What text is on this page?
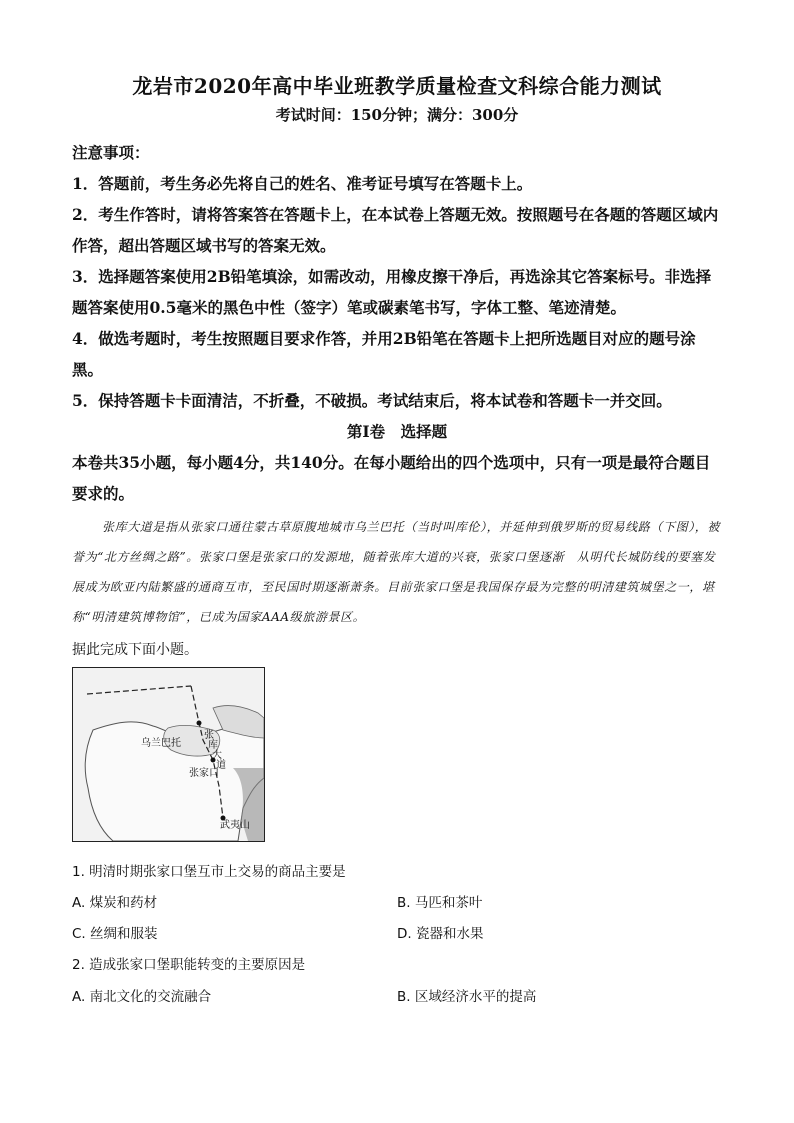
龙岩市2020年高中毕业班教学质量检查文科综合能力测试
考试时间：150分钟；满分：300分
注意事项：
1．答题前，考生务必先将自己的姓名、准考证号填写在答题卡上。
2．考生作答时，请将答案答在答题卡上，在本试卷上答题无效。按照题号在各题的答题区域内作答，超出答题区域书写的答案无效。
3．选择题答案使用2B铅笔填涂，如需改动，用橡皮擦干净后，再选涂其它答案标号。非选择题答案使用0.5毫米的黑色中性（签字）笔或碳素笔书写，字体工整、笔迹清楚。
4．做选考题时，考生按照题目要求作答，并用2B铅笔在答题卡上把所选题目对应的题号涂黑。
5．保持答题卡卡面清洁，不折叠，不破损。考试结束后，将本试卷和答题卡一并交回。
第Ⅰ卷　选择题
本卷共35小题，每小题4分，共140分。在每小题给出的四个选项中，只有一项是最符合题目要求的。
张库大道是指从张家口通往蒙古草原腹地城市乌兰巴托（当时叫库伦），并延伸到俄罗斯的贸易线路（下图），被誉为“北方丝绸之路”。张家口堡是张家口的发源地，随着张库大道的兴衰，张家口堡逐渐　从明代长城防线的要塞发展成为欧亚内陆繁盛的通商互市，至民国时期逐渐萧条。目前张家口堡是我国保存最为完整的明清建筑城堡之一，堪称“明清建筑博物馆”，已成为国家AAA级旅游景区。
据此完成下面小题。
乌兰巴托
张
库
大
道
张家口
武夷山
1. 明清时期张家口堡互市上交易的商品主要是
A. 煤炭和药材	B. 马匹和茶叶
C. 丝绸和服装	D. 瓷器和水果
2. 造成张家口堡职能转变的主要原因是
A. 南北文化的交流融合	B. 区域经济水平的提高
